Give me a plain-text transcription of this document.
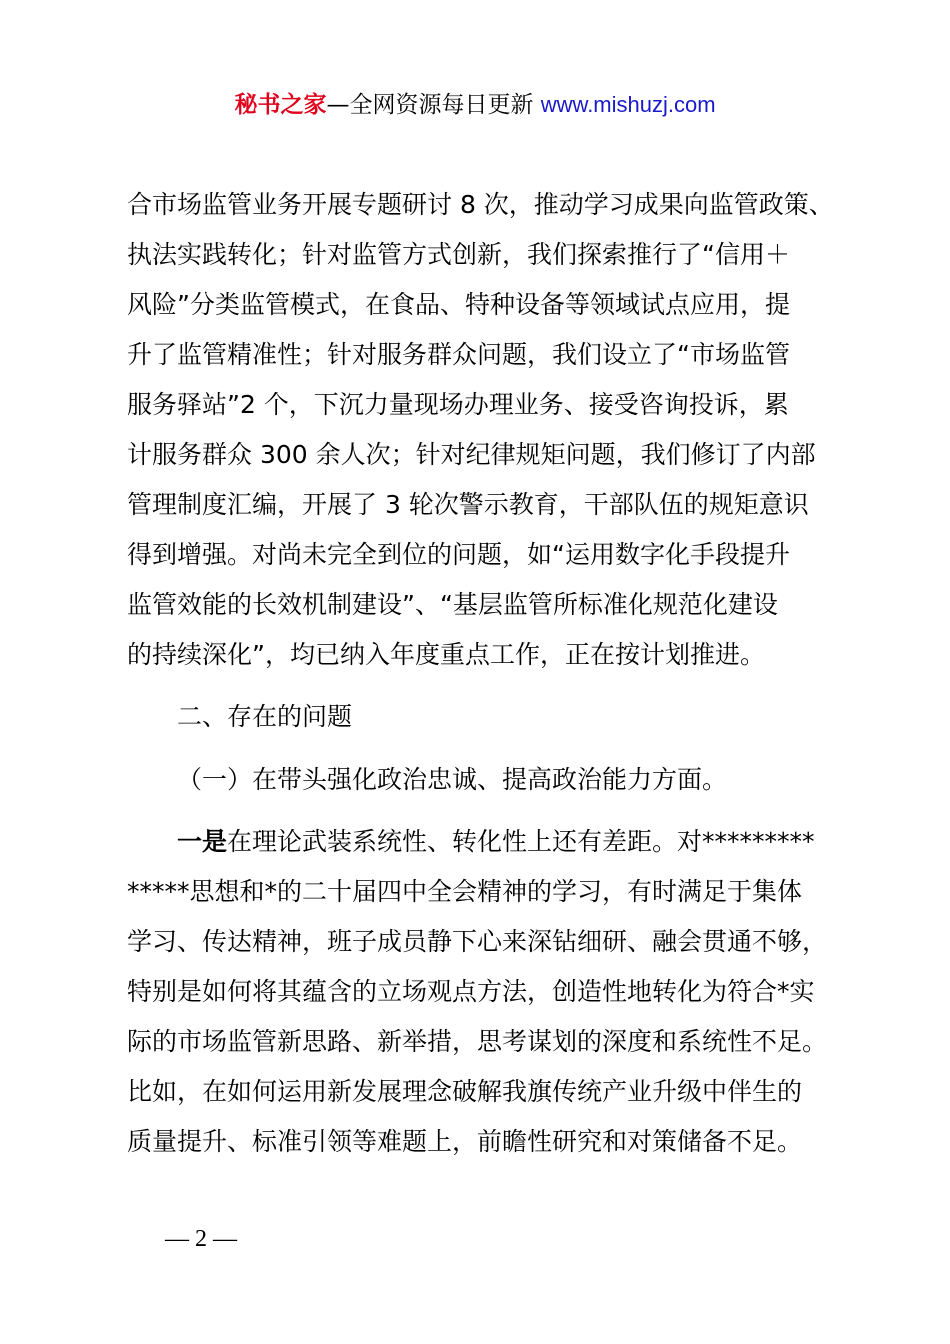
秘书之家—全网资源每日更新 www.mishuzj.com
合市场监管业务开展专题研讨 8 次，推动学习成果向监管政策、
执法实践转化；针对监管方式创新，我们探索推行了“信用＋
风险”分类监管模式，在食品、特种设备等领域试点应用，提
升了监管精准性；针对服务群众问题，我们设立了“市场监管
服务驿站”2 个，下沉力量现场办理业务、接受咨询投诉，累
计服务群众 300 余人次；针对纪律规矩问题，我们修订了内部
管理制度汇编，开展了 3 轮次警示教育，干部队伍的规矩意识
得到增强。对尚未完全到位的问题，如“运用数字化手段提升
监管效能的长效机制建设”、“基层监管所标准化规范化建设
的持续深化”，均已纳入年度重点工作，正在按计划推进。
二、存在的问题
（一）在带头强化政治忠诚、提高政治能力方面。
一是在理论武装系统性、转化性上还有差距。对*********
*****思想和*的二十届四中全会精神的学习，有时满足于集体
学习、传达精神，班子成员静下心来深钻细研、融会贯通不够，
特别是如何将其蕴含的立场观点方法，创造性地转化为符合*实
际的市场监管新思路、新举措，思考谋划的深度和系统性不足。
比如，在如何运用新发展理念破解我旗传统产业升级中伴生的
质量提升、标准引领等难题上，前瞻性研究和对策储备不足。
— 2 —
